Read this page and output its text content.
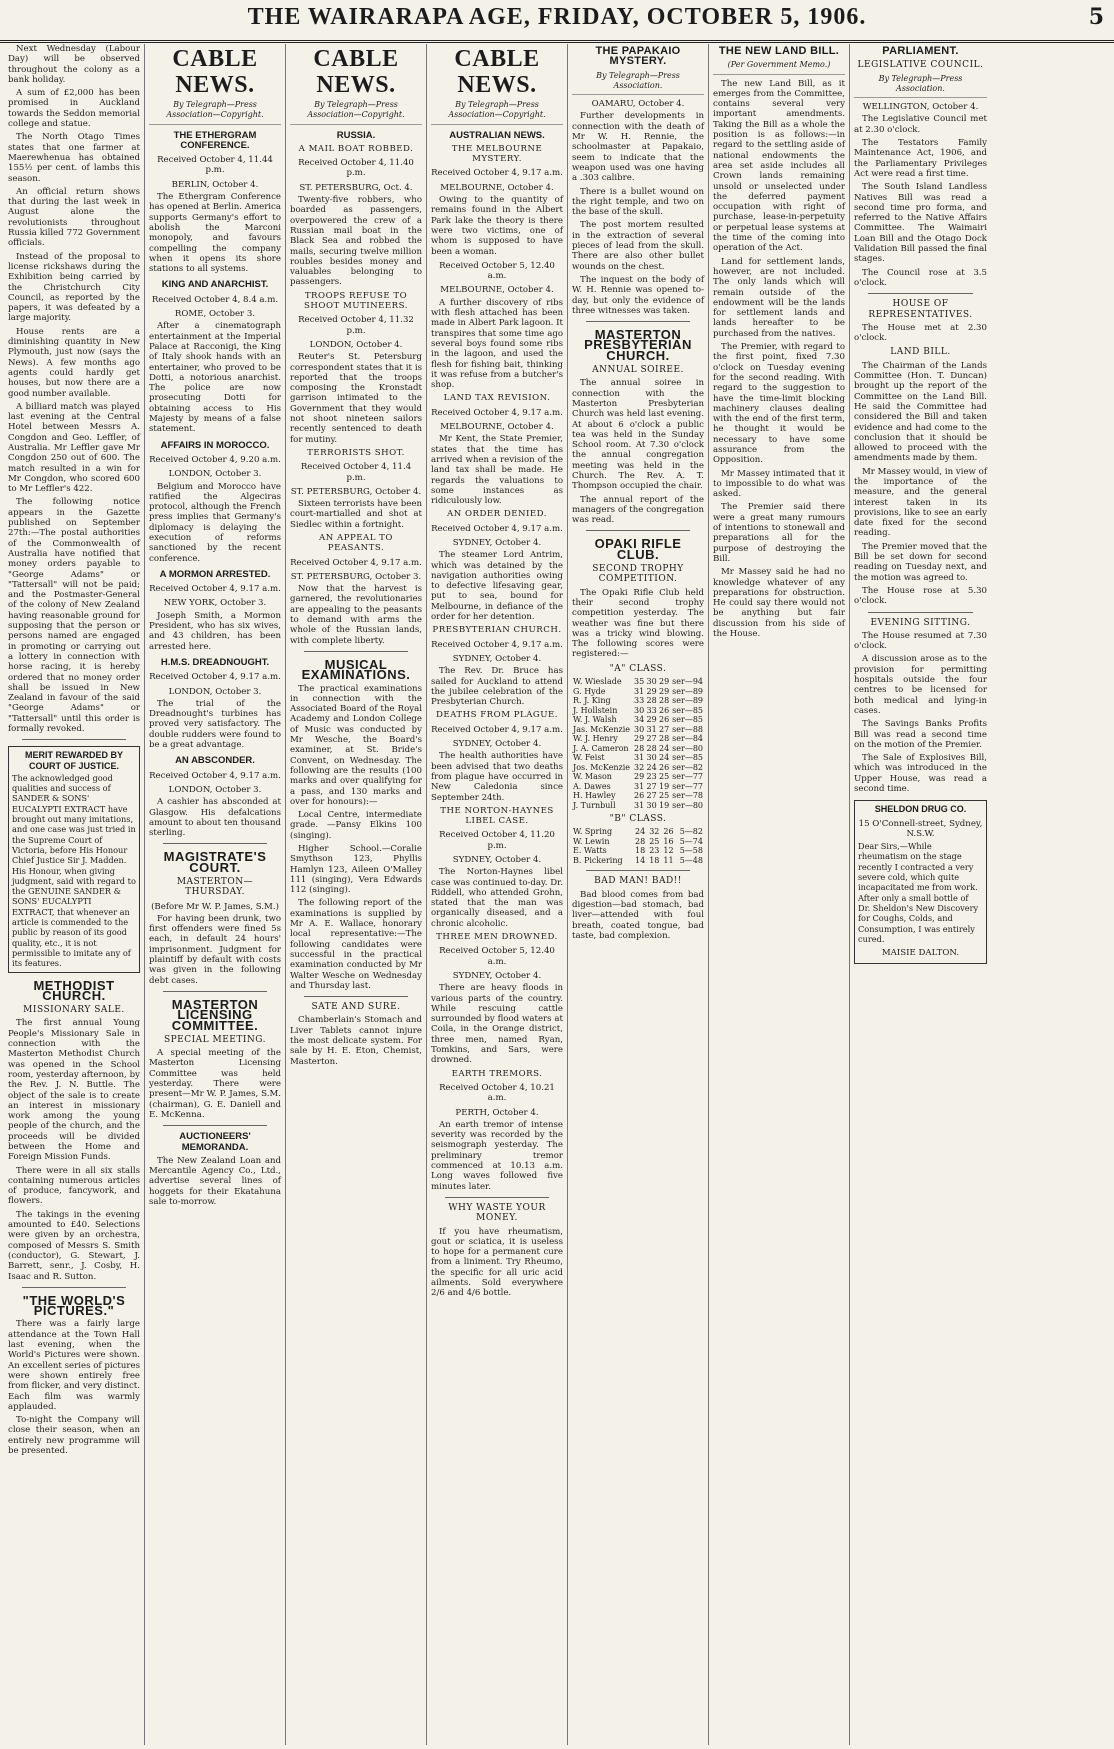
THE WAIRARAPA AGE, FRIDAY, OCTOBER 5, 1906.	5

Next Wednesday (Labour Day) will be observed throughout the colony as a bank holiday.

A sum of £2,000 has been promised in Auckland towards the Seddon memorial college and statue.

The North Otago Times states that one farmer at Maerewhenua has obtained 155½ per cent. of lambs this season.

An official return shows that during the last week in August alone the revolutionists throughout Russia killed 772 Government officials.

Instead of the proposal to license rickshaws during the Exhibition being carried by the Christchurch City Council, as reported by the papers, it was defeated by a large majority.

House rents are a diminishing quantity in New Plymouth, just now (says the News). A few months ago agents could hardly get houses, but now there are a good number available.

A billiard match was played last evening at the Central Hotel between Messrs A. Congdon and Geo. Leffler, of Australia. Mr Leffler gave Mr Congdon 250 out of 600. The match resulted in a win for Mr Congdon, who scored 600 to Mr Leffler's 422.

The following notice appears in the Gazette published on September 27th:—The postal authorities of the Commonwealth of Australia have notified that money orders payable to "George Adams" or "Tattersall" will not be paid; and the Postmaster-General of the colony of New Zealand having reasonable ground for supposing that the person or persons named are engaged in promoting or carrying out a lottery in connection with horse racing, it is hereby ordered that no money order shall be issued in New Zealand in favour of the said "George Adams" or "Tattersall" until this order is formally revoked.

MERIT REWARDED BY COURT OF JUSTICE.
The acknowledged good qualities and success of SANDER & SONS' EUCALYPTI EXTRACT have brought out many imitations, and one case was just tried in the Supreme Court of Victoria, before His Honour Chief Justice Sir J. Madden. His Honour, when giving judgment, said with regard to the GENUINE SANDER & SONS' EUCALYPTI EXTRACT, that whenever an article is commended to the public by reason of its good quality, etc., it is not permissible to imitate any of its features.
METHODIST CHURCH.
MISSIONARY SALE.

The first annual Young People's Missionary Sale in connection with the Masterton Methodist Church was opened in the School room, yesterday afternoon, by the Rev. J. N. Buttle. The object of the sale is to create an interest in missionary work among the young people of the church, and the proceeds will be divided between the Home and Foreign Mission Funds.

There were in all six stalls containing numerous articles of produce, fancywork, and flowers.

The takings in the evening amounted to £40. Selections were given by an orchestra, composed of Messrs S. Smith (conductor), G. Stewart, J. Barrett, senr., J. Cosby, H. Isaac and R. Sutton.

"THE WORLD'S PICTURES."

There was a fairly large attendance at the Town Hall last evening, when the World's Pictures were shown. An excellent series of pictures were shown entirely free from flicker, and very distinct. Each film was warmly applauded.

To-night the Company will close their season, when an entirely new programme will be presented.

CABLE NEWS.
By Telegraph—Press Association—Copyright.
THE ETHERGRAM CONFERENCE.
Received October 4, 11.44 p.m.
BERLIN, October 4.

The Ethergram Conference has opened at Berlin. America supports Germany's effort to abolish the Marconi monopoly, and favours compelling the company when it opens its shore stations to all systems.

KING AND ANARCHIST.
Received October 4, 8.4 a.m.
ROME, October 3.

After a cinematograph entertainment at the Imperial Palace at Racconigi, the King of Italy shook hands with an entertainer, who proved to be Dotti, a notorious anarchist. The police are now prosecuting Dotti for obtaining access to His Majesty by means of a false statement.

AFFAIRS IN MOROCCO.
Received October 4, 9.20 a.m.
LONDON, October 3.

Belgium and Morocco have ratified the Algeciras protocol, although the French press implies that Germany's diplomacy is delaying the execution of reforms sanctioned by the recent conference.

A MORMON ARRESTED.
Received October 4, 9.17 a.m.
NEW YORK, October 3.

Joseph Smith, a Mormon President, who has six wives, and 43 children, has been arrested here.

H.M.S. DREADNOUGHT.
Received October 4, 9.17 a.m.
LONDON, October 3.

The trial of the Dreadnought's turbines has proved very satisfactory. The double rudders were found to be a great advantage.

AN ABSCONDER.
Received October 4, 9.17 a.m.
LONDON, October 3.

A cashier has absconded at Glasgow. His defalcations amount to about ten thousand sterling.

MAGISTRATE'S COURT.
MASTERTON—THURSDAY.
(Before Mr W. P. James, S.M.)

For having been drunk, two first offenders were fined 5s each, in default 24 hours' imprisonment. Judgment for plaintiff by default with costs was given in the following debt cases.

MASTERTON LICENSING COMMITTEE.
SPECIAL MEETING.

A special meeting of the Masterton Licensing Committee was held yesterday. There were present—Mr W. P. James, S.M. (chairman), G. E. Daniell and E. McKenna.

AUCTIONEERS' MEMORANDA.

The New Zealand Loan and Mercantile Agency Co., Ltd., advertise several lines of hoggets for their Ekatahuna sale to-morrow.

CABLE NEWS.
By Telegraph—Press Association—Copyright.
RUSSIA.
A MAIL BOAT ROBBED.
Received October 4, 11.40 p.m.
ST. PETERSBURG, Oct. 4.

Twenty-five robbers, who boarded as passengers, overpowered the crew of a Russian mail boat in the Black Sea and robbed the mails, securing twelve million roubles besides money and valuables belonging to passengers.

TROOPS REFUSE TO SHOOT MUTINEERS.
Received October 4, 11.32 p.m.
LONDON, October 4.

Reuter's St. Petersburg correspondent states that it is reported that the troops composing the Kronstadt garrison intimated to the Government that they would not shoot nineteen sailors recently sentenced to death for mutiny.

TERRORISTS SHOT.
Received October 4, 11.4 p.m.
ST. PETERSBURG, October 4.

Sixteen terrorists have been court-martialled and shot at Siedlec within a fortnight.

AN APPEAL TO PEASANTS.
Received October 4, 9.17 a.m.
ST. PETERSBURG, October 3.

Now that the harvest is garnered, the revolutionaries are appealing to the peasants to demand with arms the whole of the Russian lands, with complete liberty.

MUSICAL EXAMINATIONS.

The practical examinations in connection with the Associated Board of the Royal Academy and London College of Music was conducted by Mr Wesche, the Board's examiner, at St. Bride's Convent, on Wednesday. The following are the results (100 marks and over qualifying for a pass, and 130 marks and over for honours):—

Local Centre, intermediate grade. —Pansy Elkins 100 (singing).

Higher School.—Coralie Smythson 123, Phyllis Hamlyn 123, Aileen O'Malley 111 (singing), Vera Edwards 112 (singing).

The following report of the examinations is supplied by Mr A. E. Wallace, honorary local representative:—The following candidates were successful in the practical examination conducted by Mr Walter Wesche on Wednesday and Thursday last.

SATE AND SURE.

Chamberlain's Stomach and Liver Tablets cannot injure the most delicate system. For sale by H. E. Eton, Chemist, Masterton.

CABLE NEWS.
By Telegraph—Press Association—Copyright.
AUSTRALIAN NEWS.
THE MELBOURNE MYSTERY.
Received October 4, 9.17 a.m.
MELBOURNE, October 4.

Owing to the quantity of remains found in the Albert Park lake the theory is there were two victims, one of whom is supposed to have been a woman.

Received October 5, 12.40 a.m.
MELBOURNE, October 4.

A further discovery of ribs with flesh attached has been made in Albert Park lagoon. It transpires that some time ago several boys found some ribs in the lagoon, and used the flesh for fishing bait, thinking it was refuse from a butcher's shop.

LAND TAX REVISION.
Received October 4, 9.17 a.m.
MELBOURNE, October 4.

Mr Kent, the State Premier, states that the time has arrived when a revision of the land tax shall be made. He regards the valuations to some instances as ridiculously low.

AN ORDER DENIED.
Received October 4, 9.17 a.m.
SYDNEY, October 4.

The steamer Lord Antrim, which was detained by the navigation authorities owing to defective lifesaving gear, put to sea, bound for Melbourne, in defiance of the order for her detention.

PRESBYTERIAN CHURCH.
Received October 4, 9.17 a.m.
SYDNEY, October 4.

The Rev. Dr. Bruce has sailed for Auckland to attend the jubilee celebration of the Presbyterian Church.

DEATHS FROM PLAGUE.
Received October 4, 9.17 a.m.
SYDNEY, October 4.

The health authorities have been advised that two deaths from plague have occurred in New Caledonia since September 24th.

THE NORTON-HAYNES LIBEL CASE.
Received October 4, 11.20 p.m.
SYDNEY, October 4.

The Norton-Haynes libel case was continued to-day. Dr. Riddell, who attended Grohn, stated that the man was organically diseased, and a chronic alcoholic.

THREE MEN DROWNED.
Received October 5, 12.40 a.m.
SYDNEY, October 4.

There are heavy floods in various parts of the country. While rescuing cattle surrounded by flood waters at Coila, in the Orange district, three men, named Ryan, Tomkins, and Sars, were drowned.

EARTH TREMORS.
Received October 4, 10.21 a.m.
PERTH, October 4.

An earth tremor of intense severity was recorded by the seismograph yesterday. The preliminary tremor commenced at 10.13 a.m. Long waves followed five minutes later.

WHY WASTE YOUR MONEY.

If you have rheumatism, gout or sciatica, it is useless to hope for a permanent cure from a liniment. Try Rheumo, the specific for all uric acid ailments. Sold everywhere 2/6 and 4/6 bottle.

THE PAPAKAIO MYSTERY.
By Telegraph—Press Association.
OAMARU, October 4.

Further developments in connection with the death of Mr W. H. Rennie, the schoolmaster at Papakaio, seem to indicate that the weapon used was one having a .303 calibre.

There is a bullet wound on the right temple, and two on the base of the skull.

The post mortem resulted in the extraction of several pieces of lead from the skull. There are also other bullet wounds on the chest.

The inquest on the body of W. H. Rennie was opened to-day, but only the evidence of three witnesses was taken.

MASTERTON PRESBYTERIAN CHURCH.
ANNUAL SOIREE.

The annual soiree in connection with the Masterton Presbyterian Church was held last evening. At about 6 o'clock a public tea was held in the Sunday School room. At 7.30 o'clock the annual congregation meeting was held in the Church. The Rev. A. T. Thompson occupied the chair.

The annual report of the managers of the congregation was read.

OPAKI RIFLE CLUB.
SECOND TROPHY COMPETITION.

The Opaki Rifle Club held their second trophy competition yesterday. The weather was fine but there was a tricky wind blowing. The following scores were registered:—

"A" CLASS.
W. Wieslade	35	30	29	ser—94
G. Hyde	31	29	29	ser—89
R. J. King	33	28	28	ser—89
J. Hollstein	30	33	26	ser—85
W. J. Walsh	34	29	26	ser—85
Jas. McKenzie	30	31	27	ser—88
W. J. Henry	29	27	28	ser—84
J. A. Cameron	28	28	24	ser—80
W. Feist	31	30	24	ser—85
Jos. McKenzie	32	24	26	ser—82
W. Mason	29	23	25	ser—77
A. Dawes	31	27	19	ser—77
H. Hawley	26	27	25	ser—78
J. Turnbull	31	30	19	ser—80
"B" CLASS.
W. Spring	24	32	26	5—82
W. Lewin	28	25	16	5—74
E. Watts	18	23	12	5—58
B. Pickering	14	18	11	5—48
BAD MAN! BAD!!

Bad blood comes from bad digestion—bad stomach, bad liver—attended with foul breath, coated tongue, bad taste, bad complexion.

THE NEW LAND BILL.
(Per Government Memo.)

The new Land Bill, as it emerges from the Committee, contains several very important amendments. Taking the Bill as a whole the position is as follows:—in regard to the settling aside of national endowments the area set aside includes all Crown lands remaining unsold or unselected under the deferred payment occupation with right of purchase, lease-in-perpetuity or perpetual lease systems at the time of the coming into operation of the Act.

Land for settlement lands, however, are not included. The only lands which will remain outside of the endowment will be the lands for settlement lands and lands hereafter to be purchased from the natives.

The Premier, with regard to the first point, fixed 7.30 o'clock on Tuesday evening for the second reading. With regard to the suggestion to have the time-limit blocking machinery clauses dealing with the end of the first term, he thought it would be necessary to have some assurance from the Opposition.

Mr Massey intimated that it to impossible to do what was asked.

The Premier said there were a great many rumours of intentions to stonewall and preparations all for the purpose of destroying the Bill.

Mr Massey said he had no knowledge whatever of any preparations for obstruction. He could say there would not be anything but fair discussion from his side of the House.

PARLIAMENT.
LEGISLATIVE COUNCIL.
By Telegraph—Press Association.
WELLINGTON, October 4.

The Legislative Council met at 2.30 o'clock.

The Testators Family Maintenance Act, 1906, and the Parliamentary Privileges Act were read a first time.

The South Island Landless Natives Bill was read a second time pro forma, and referred to the Native Affairs Committee. The Waimairi Loan Bill and the Otago Dock Validation Bill passed the final stages.

The Council rose at 3.5 o'clock.

HOUSE OF REPRESENTATIVES.

The House met at 2.30 o'clock.

LAND BILL.

The Chairman of the Lands Committee (Hon. T. Duncan) brought up the report of the Committee on the Land Bill. He said the Committee had considered the Bill and taken evidence and had come to the conclusion that it should be allowed to proceed with the amendments made by them.

Mr Massey would, in view of the importance of the measure, and the general interest taken in its provisions, like to see an early date fixed for the second reading.

The Premier moved that the Bill be set down for second reading on Tuesday next, and the motion was agreed to.

The House rose at 5.30 o'clock.

EVENING SITTING.

The House resumed at 7.30 o'clock.

A discussion arose as to the provision for permitting hospitals outside the four centres to be licensed for both medical and lying-in cases.

The Savings Banks Profits Bill was read a second time on the motion of the Premier.

The Sale of Explosives Bill, which was introduced in the Upper House, was read a second time.

SHELDON DRUG CO.
15 O'Connell-street, Sydney, N.S.W.
Dear Sirs,—While rheumatism on the stage recently I contracted a very severe cold, which quite incapacitated me from work. After only a small bottle of Dr. Sheldon's New Discovery for Coughs, Colds, and Consumption, I was entirely cured.
MAISIE DALTON.
